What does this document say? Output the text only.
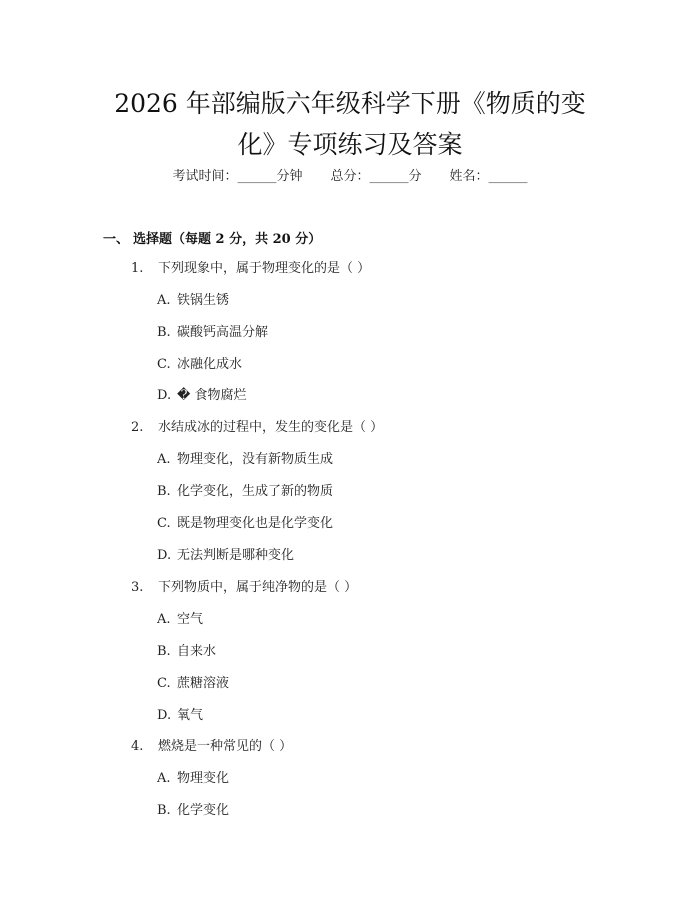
2026 年部编版六年级科学下册《物质的变
化》专项练习及答案
考试时间：______分钟 总分：______分 姓名：______
一、 选择题（每题 2 分，共 20 分）
1. 下列现象中，属于物理变化的是（ ）
A. 铁锅生锈
B. 碳酸钙高温分解
C. 冰融化成水
D. � 食物腐烂
2. 水结成冰的过程中，发生的变化是（ ）
A. 物理变化，没有新物质生成
B. 化学变化，生成了新的物质
C. 既是物理变化也是化学变化
D. 无法判断是哪种变化
3. 下列物质中，属于纯净物的是（ ）
A. 空气
B. 自来水
C. 蔗糖溶液
D. 氧气
4. 燃烧是一种常见的（ ）
A. 物理变化
B. 化学变化
